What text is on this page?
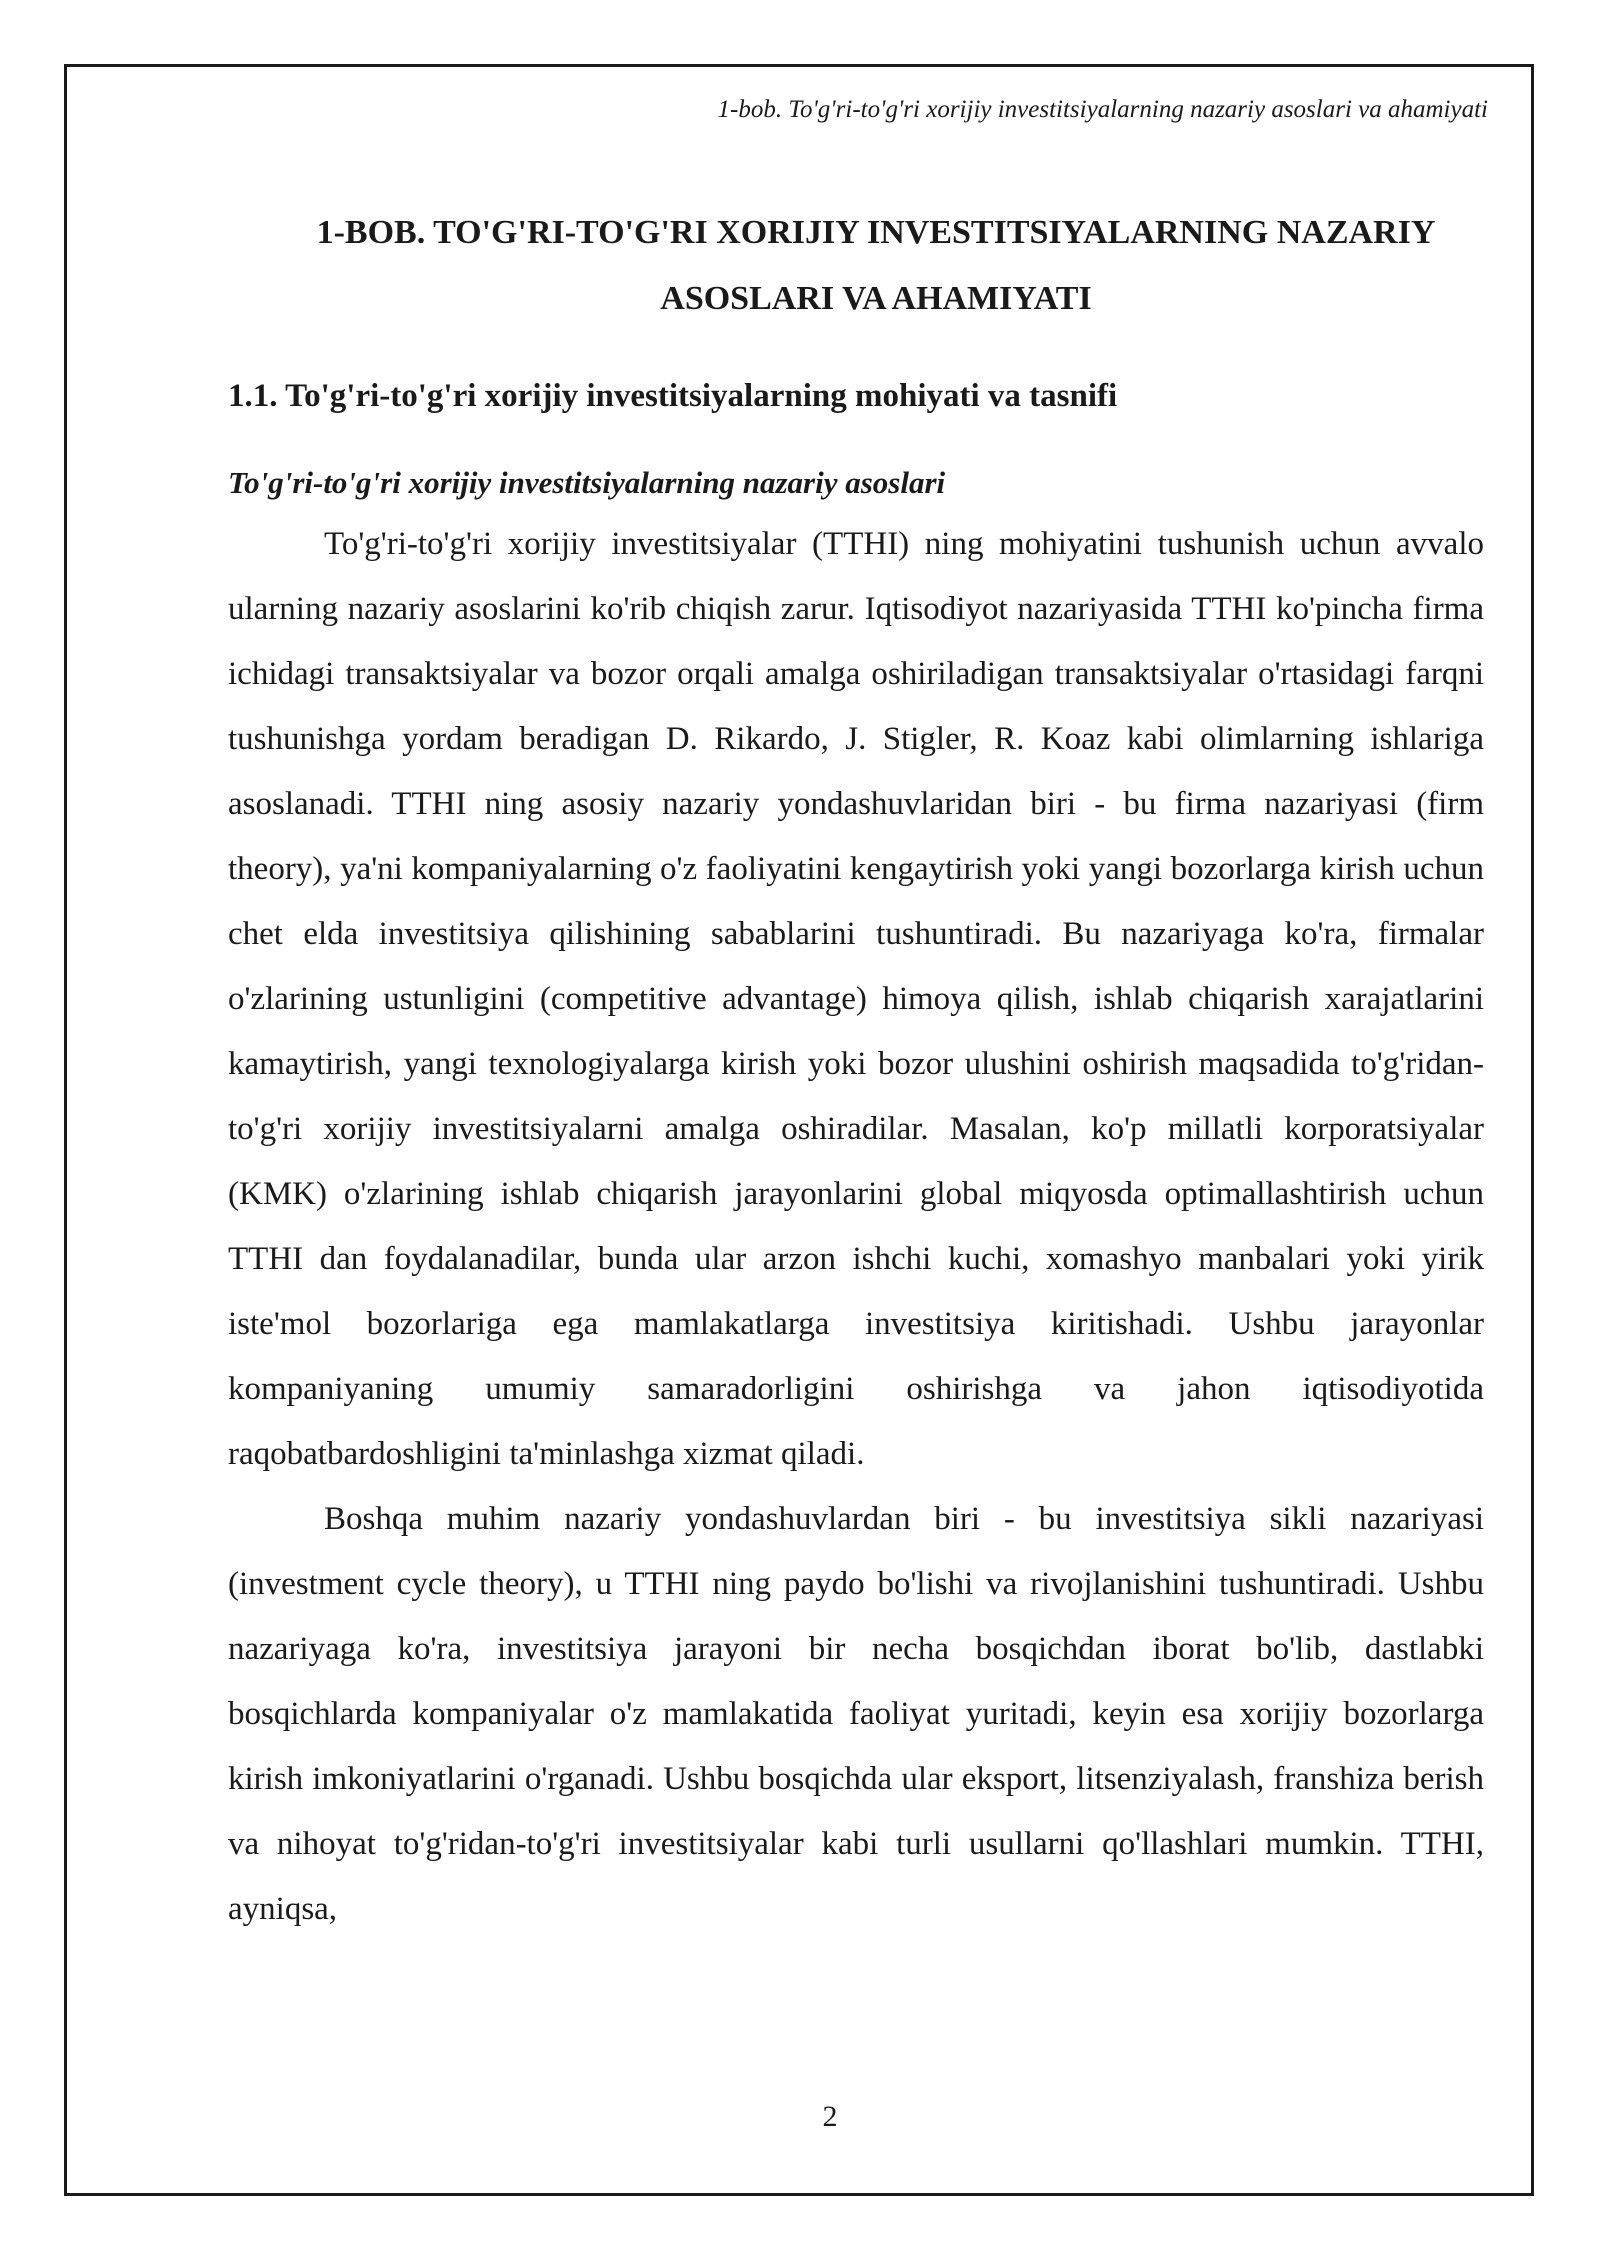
1-bob. To'g'ri-to'g'ri xorijiy investitsiyalarning nazariy asoslari va ahamiyati
1-BOB. TO'G'RI-TO'G'RI XORIJIY INVESTITSIYALARNING NAZARIY ASOSLARI VA AHAMIYATI
1.1. To'g'ri-to'g'ri xorijiy investitsiyalarning mohiyati va tasnifi
To'g'ri-to'g'ri xorijiy investitsiyalarning nazariy asoslari

To'g'ri-to'g'ri xorijiy investitsiyalar (TTHI) ning mohiyatini tushunish uchun avvalo ularning nazariy asoslarini ko'rib chiqish zarur. Iqtisodiyot nazariyasida TTHI ko'pincha firma ichidagi transaktsiyalar va bozor orqali amalga oshiriladigan transaktsiyalar o'rtasidagi farqni tushunishga yordam beradigan D. Rikardo, J. Stigler, R. Koaz kabi olimlarning ishlariga asoslanadi. TTHI ning asosiy nazariy yondashuvlaridan biri - bu firma nazariyasi (firm theory), ya'ni kompaniyalarning o'z faoliyatini kengaytirish yoki yangi bozorlarga kirish uchun chet elda investitsiya qilishining sabablarini tushuntiradi. Bu nazariyaga ko'ra, firmalar o'zlarining ustunligini (competitive advantage) himoya qilish, ishlab chiqarish xarajatlarini kamaytirish, yangi texnologiyalarga kirish yoki bozor ulushini oshirish maqsadida to'g'ridan-to'g'ri xorijiy investitsiyalarni amalga oshiradilar. Masalan, ko'p millatli korporatsiyalar (KMK) o'zlarining ishlab chiqarish jarayonlarini global miqyosda optimallashtirish uchun TTHI dan foydalanadilar, bunda ular arzon ishchi kuchi, xomashyo manbalari yoki yirik iste'mol bozorlariga ega mamlakatlarga investitsiya kiritishadi. Ushbu jarayonlar kompaniyaning umumiy samaradorligini oshirishga va jahon iqtisodiyotida raqobatbardoshligini ta'minlashga xizmat qiladi.

Boshqa muhim nazariy yondashuvlardan biri - bu investitsiya sikli nazariyasi (investment cycle theory), u TTHI ning paydo bo'lishi va rivojlanishini tushuntiradi. Ushbu nazariyaga ko'ra, investitsiya jarayoni bir necha bosqichdan iborat bo'lib, dastlabki bosqichlarda kompaniyalar o'z mamlakatida faoliyat yuritadi, keyin esa xorijiy bozorlarga kirish imkoniyatlarini o'rganadi. Ushbu bosqichda ular eksport, litsenziyalash, franshiza berish va nihoyat to'g'ridan-to'g'ri investitsiyalar kabi turli usullarni qo'llashlari mumkin. TTHI, ayniqsa,

2
